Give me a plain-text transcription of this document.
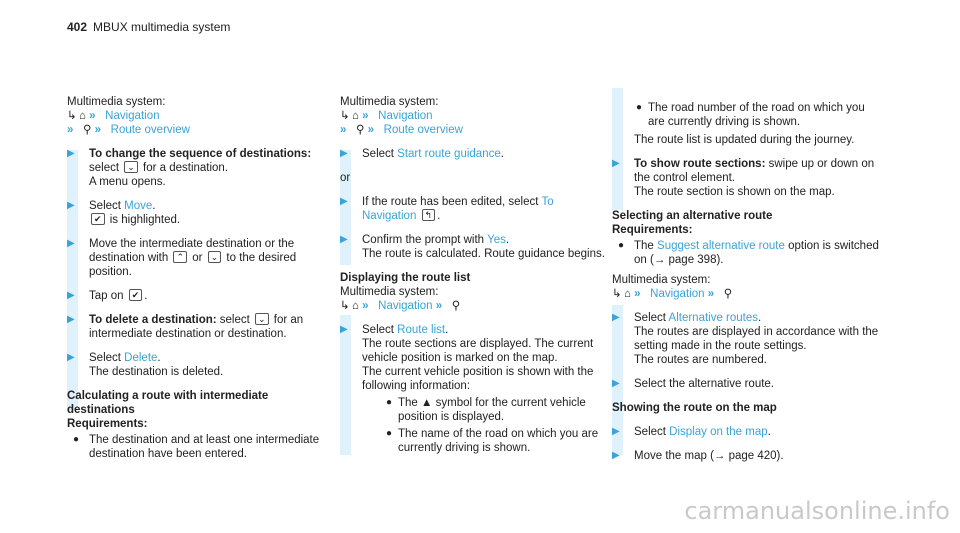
402 MBUX multimedia system

Multimedia system:

↳ ⌂ » Navigation
» ⚲ » Route overview
▶ To change the sequence of destinations:

select ⌄ for a destination.

A menu opens.

▶ Select Move.

✔ is highlighted.

▶ Move the intermediate destination or the destination with ⌃ or ⌄ to the desired position.

▶ Tap on ✔ .

▶ To delete a destination: select ⌄ for an intermediate destination or destination.

▶ Select Delete.

The destination is deleted.

Calculating a route with intermediate destinations

Requirements:

● The destination and at least one intermediate destination have been entered.

Multimedia system:

↳ ⌂ » Navigation
» ⚲ » Route overview
▶ Select Start route guidance.

or

▶ If the route has been edited, select To Navigation ↰ .

▶ Confirm the prompt with Yes.

The route is calculated. Route guidance begins.

Displaying the route list

Multimedia system:

↳ ⌂ » Navigation » ⚲
▶ Select Route list.

The route sections are displayed. The current vehicle position is marked on the map.

The current vehicle position is shown with the following information:

● The ▲ symbol for the current vehicle position is displayed.
● The name of the road on which you are currently driving is shown.
● The road number of the road on which you are currently driving is shown.

The route list is updated during the journey.

▶ To show route sections: swipe up or down on the control element.

The route section is shown on the map.

Selecting an alternative route

Requirements:

● The Suggest alternative route option is switched on (→ page 398).

Multimedia system:

↳ ⌂ » Navigation » ⚲
▶ Select Alternative routes.

The routes are displayed in accordance with the setting made in the route settings.

The routes are numbered.

▶ Select the alternative route.

Showing the route on the map

▶ Select Display on the map.

▶ Move the map (→ page 420).

carmanualsonline.info
